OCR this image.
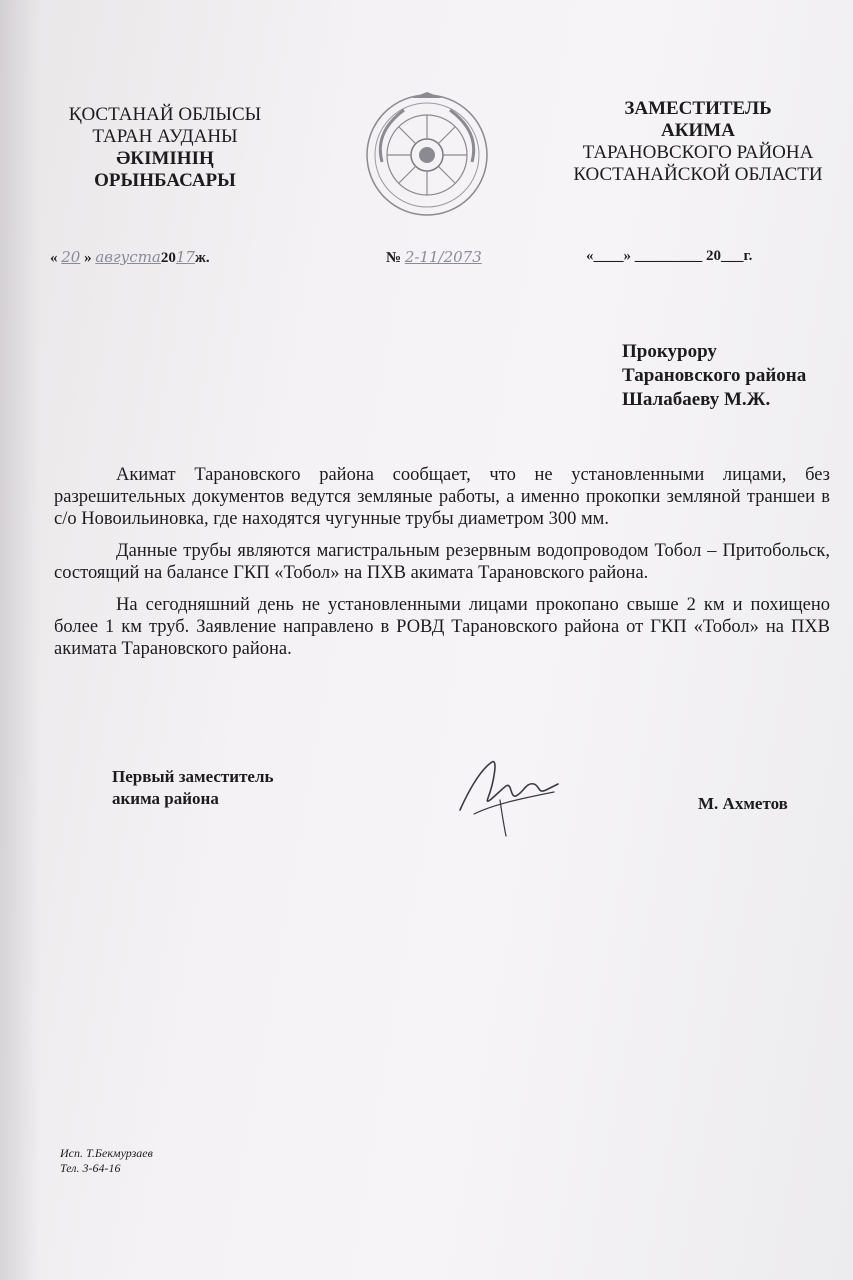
ҚОСТАНАЙ ОБЛЫСЫ
ТАРАН АУДАНЫ
ӘКІМІНІҢ
ОРЫНБАСАРЫ
ЗАМЕСТИТЕЛЬ
АКИМА
ТАРАНОВСКОГО РАЙОНА
КОСТАНАЙСКОЙ ОБЛАСТИ
« 20 » августа2017ж.	№ 2-11/2073	«____» _________ 20___г.
Прокурору
Тарановского района
Шалабаеву М.Ж.

Акимат Тарановского района сообщает, что не установленными лицами, без разрешительных документов ведутся земляные работы, а именно прокопки земляной траншеи в с/о Новоильиновка, где находятся чугунные трубы диаметром 300 мм.

Данные трубы являются магистральным резервным водопроводом Тобол – Притобольск, состоящий на балансе ГКП «Тобол» на ПХВ акимата Тарановского района.

На сегодняшний день не установленными лицами прокопано свыше 2 км и похищено более 1 км труб. Заявление направлено в РОВД Тарановского района от ГКП «Тобол» на ПХВ акимата Тарановского района.

Первый заместитель
акима района	М. Ахметов
Исп. Т.Бекмурзаев
Тел. 3-64-16
